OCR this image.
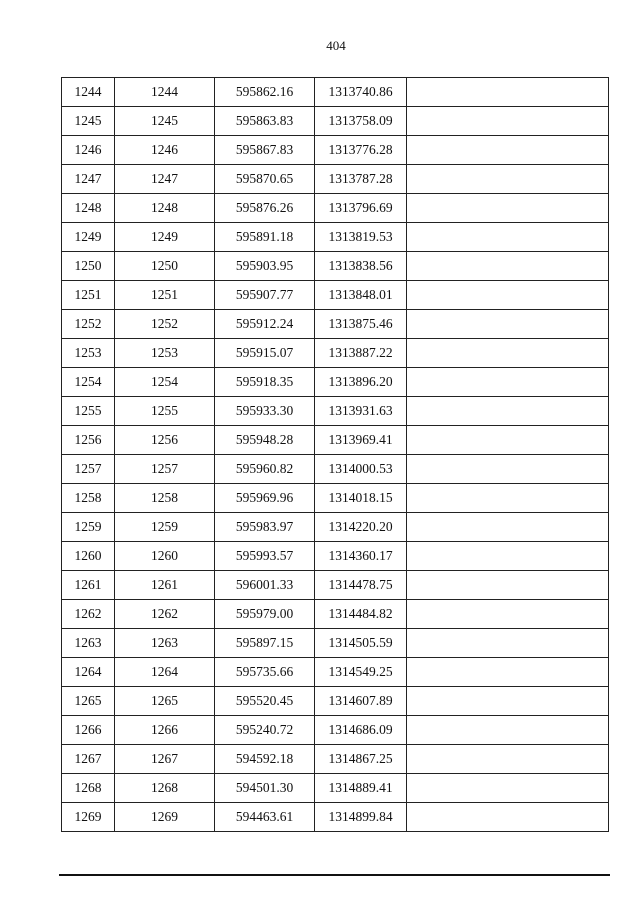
404
1244	1244	595862.16	1313740.86	
1245	1245	595863.83	1313758.09	
1246	1246	595867.83	1313776.28	
1247	1247	595870.65	1313787.28	
1248	1248	595876.26	1313796.69	
1249	1249	595891.18	1313819.53	
1250	1250	595903.95	1313838.56	
1251	1251	595907.77	1313848.01	
1252	1252	595912.24	1313875.46	
1253	1253	595915.07	1313887.22	
1254	1254	595918.35	1313896.20	
1255	1255	595933.30	1313931.63	
1256	1256	595948.28	1313969.41	
1257	1257	595960.82	1314000.53	
1258	1258	595969.96	1314018.15	
1259	1259	595983.97	1314220.20	
1260	1260	595993.57	1314360.17	
1261	1261	596001.33	1314478.75	
1262	1262	595979.00	1314484.82	
1263	1263	595897.15	1314505.59	
1264	1264	595735.66	1314549.25	
1265	1265	595520.45	1314607.89	
1266	1266	595240.72	1314686.09	
1267	1267	594592.18	1314867.25	
1268	1268	594501.30	1314889.41	
1269	1269	594463.61	1314899.84	
